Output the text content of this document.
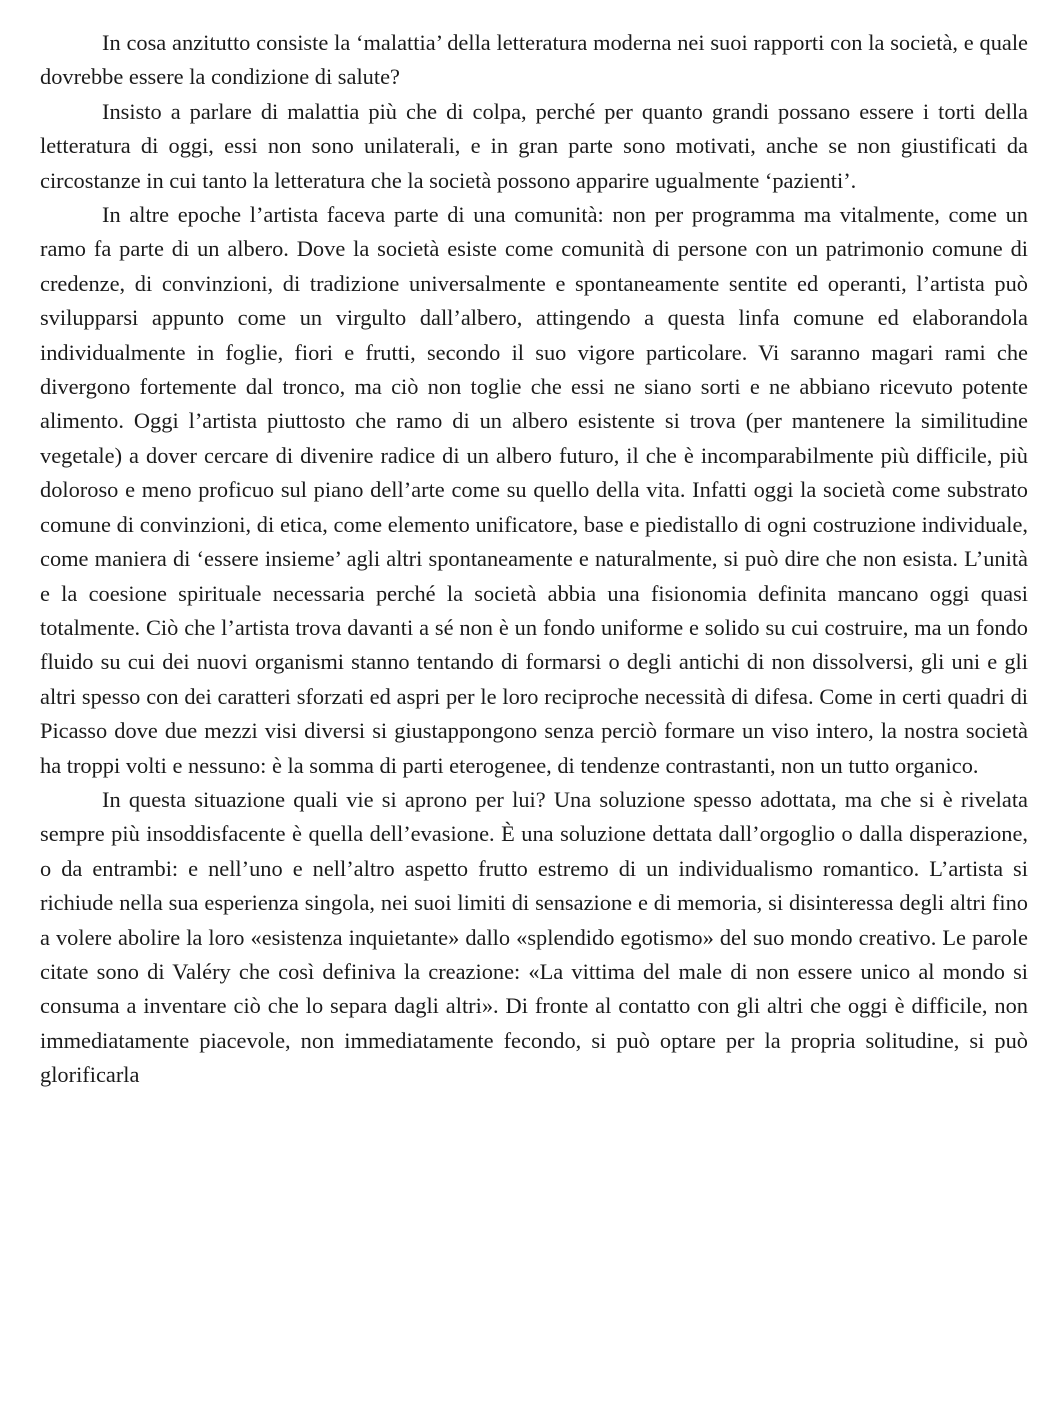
In cosa anzitutto consiste la ‘malattia’ della letteratura moderna nei suoi rapporti con la società, e quale dovrebbe essere la condizione di salute?

Insisto a parlare di malattia più che di colpa, perché per quanto grandi possano essere i torti della letteratura di oggi, essi non sono unilaterali, e in gran parte sono motivati, anche se non giustificati da circostanze in cui tanto la letteratura che la società possono apparire ugualmente ‘pazienti’.

In altre epoche l’artista faceva parte di una comunità: non per programma ma vitalmente, come un ramo fa parte di un albero. Dove la società esiste come comunità di persone con un patrimonio comune di credenze, di convinzioni, di tradizione universalmente e spontaneamente sentite ed operanti, l’artista può svilupparsi appunto come un virgulto dall’albero, attingendo a questa linfa comune ed elaborandola individualmente in foglie, fiori e frutti, secondo il suo vigore particolare. Vi saranno magari rami che divergono fortemente dal tronco, ma ciò non toglie che essi ne siano sorti e ne abbiano ricevuto potente alimento. Oggi l’artista piuttosto che ramo di un albero esistente si trova (per mantenere la similitudine vegetale) a dover cercare di divenire radice di un albero futuro, il che è incomparabilmente più difficile, più doloroso e meno proficuo sul piano dell’arte come su quello della vita. Infatti oggi la società come substrato comune di convinzioni, di etica, come elemento unificatore, base e piedistallo di ogni costruzione individuale, come maniera di ‘essere insieme’ agli altri spontaneamente e naturalmente, si può dire che non esista. L’unità e la coesione spirituale necessaria perché la società abbia una fisionomia definita mancano oggi quasi totalmente. Ciò che l’artista trova davanti a sé non è un fondo uniforme e solido su cui costruire, ma un fondo fluido su cui dei nuovi organismi stanno tentando di formarsi o degli antichi di non dissolversi, gli uni e gli altri spesso con dei caratteri sforzati ed aspri per le loro reciproche necessità di difesa. Come in certi quadri di Picasso dove due mezzi visi diversi si giustappongono senza perciò formare un viso intero, la nostra società ha troppi volti e nessuno: è la somma di parti eterogenee, di tendenze contrastanti, non un tutto organico.

In questa situazione quali vie si aprono per lui? Una soluzione spesso adottata, ma che si è rivelata sempre più insoddisfacente è quella dell’evasione. È una soluzione dettata dall’orgoglio o dalla disperazione, o da entrambi: e nell’uno e nell’altro aspetto frutto estremo di un individualismo romantico. L’artista si richiude nella sua esperienza singola, nei suoi limiti di sensazione e di memoria, si disinteressa degli altri fino a volere abolire la loro «esistenza inquietante» dallo «splendido egotismo» del suo mondo creativo. Le parole citate sono di Valéry che così definiva la creazione: «La vittima del male di non essere unico al mondo si consuma a inventare ciò che lo separa dagli altri». Di fronte al contatto con gli altri che oggi è difficile, non immediatamente piacevole, non immediatamente fecondo, si può optare per la propria solitudine, si può glorificarla
